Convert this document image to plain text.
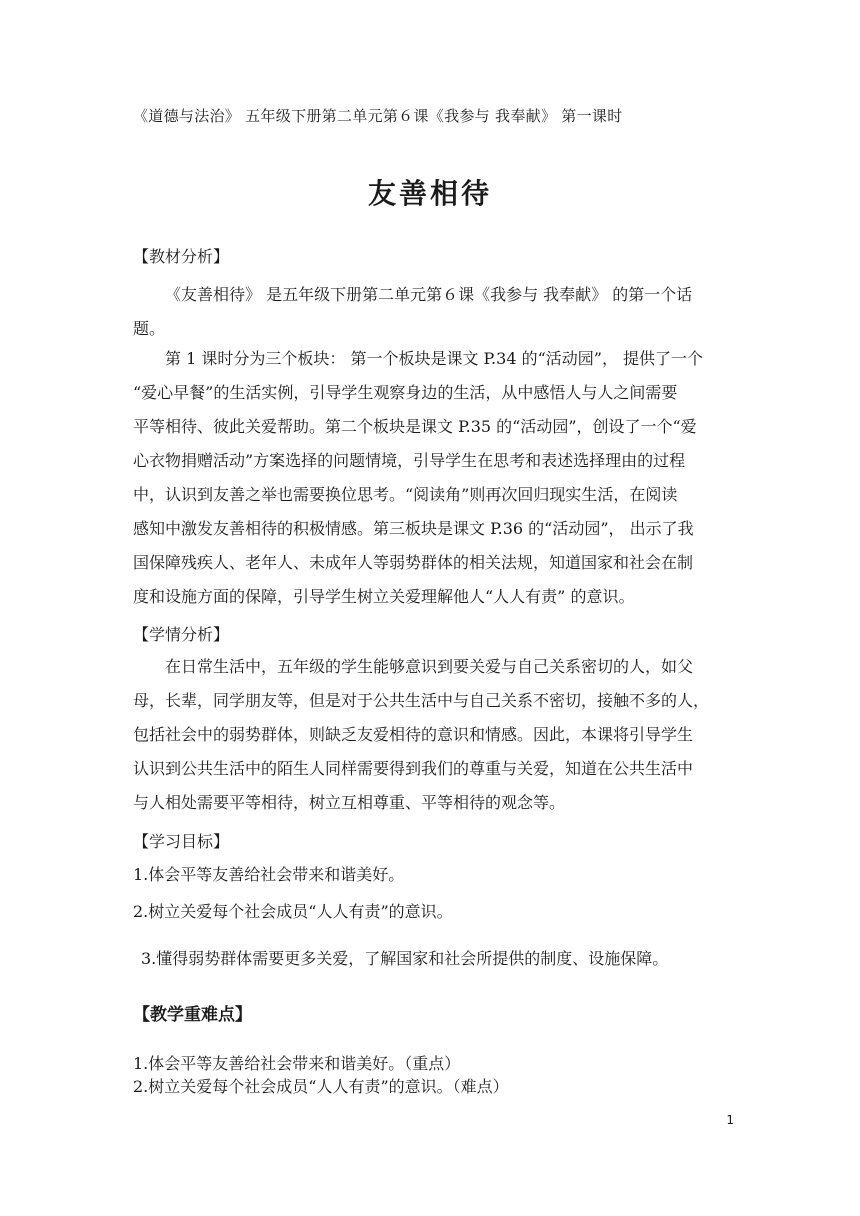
《道德与法治》 五年级下册第二单元第６课《我参与 我奉献》 第一课时
友善相待
【教材分析】
《友善相待》 是五年级下册第二单元第６课《我参与 我奉献》 的第一个话
题。
第 1 课时分为三个板块： 第一个板块是课文 P.34 的“活动园”， 提供了一个
“爱心早餐”的生活实例，引导学生观察身边的生活，从中感悟人与人之间需要
平等相待、彼此关爱帮助。第二个板块是课文 P.35 的“活动园”，创设了一个“爱
心衣物捐赠活动”方案选择的问题情境，引导学生在思考和表述选择理由的过程
中，认识到友善之举也需要换位思考。“阅读角”则再次回归现实生活，在阅读
感知中激发友善相待的积极情感。第三板块是课文 P.36 的“活动园”， 出示了我
国保障残疾人、老年人、未成年人等弱势群体的相关法规，知道国家和社会在制
度和设施方面的保障，引导学生树立关爱理解他人“人人有责” 的意识。
【学情分析】
在日常生活中，五年级的学生能够意识到要关爱与自己关系密切的人，如父
母，长辈，同学朋友等，但是对于公共生活中与自己关系不密切，接触不多的人，
包括社会中的弱势群体，则缺乏友爱相待的意识和情感。因此，本课将引导学生
认识到公共生活中的陌生人同样需要得到我们的尊重与关爱，知道在公共生活中
与人相处需要平等相待，树立互相尊重、平等相待的观念等。
【学习目标】
1.体会平等友善给社会带来和谐美好。
2.树立关爱每个社会成员“人人有责”的意识。
3.懂得弱势群体需要更多关爱，了解国家和社会所提供的制度、设施保障。
【教学重难点】
1.体会平等友善给社会带来和谐美好。（重点）
2.树立关爱每个社会成员“人人有责”的意识。（难点）
1
